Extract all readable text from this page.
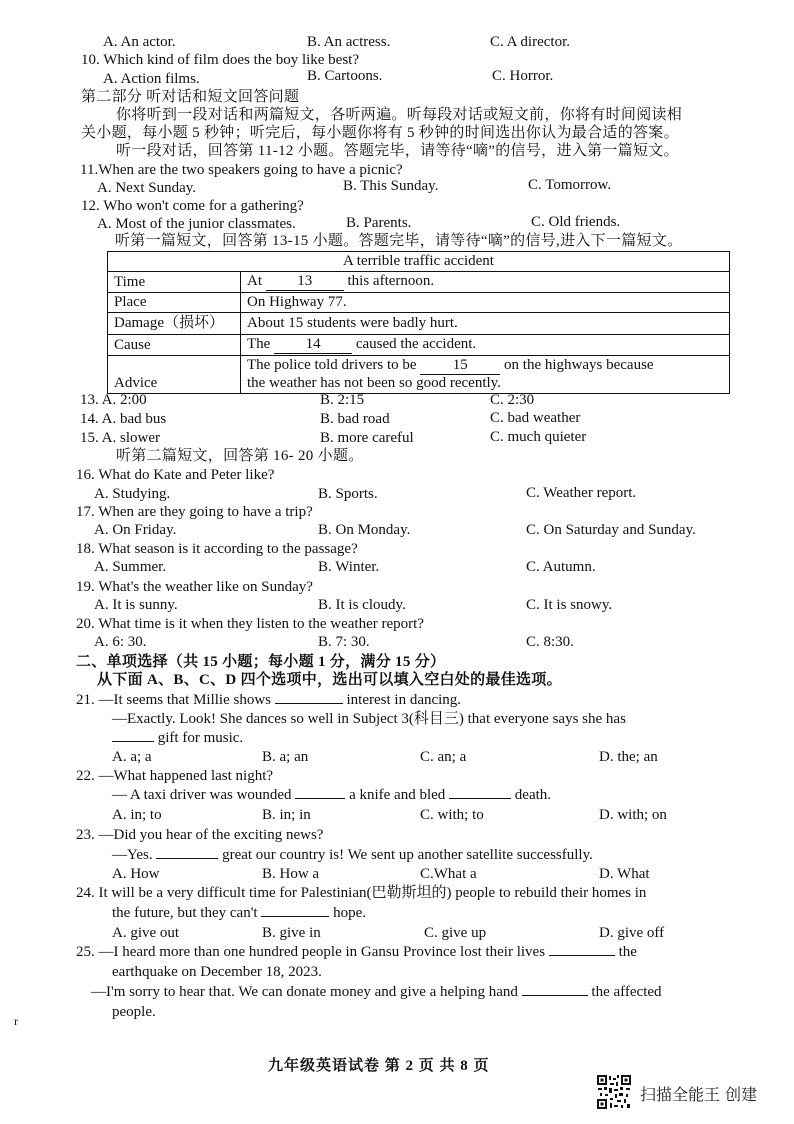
A. An actor.	B. An actress.	C. A director.
10. Which kind of film does the boy like best?
A. Action films.	B. Cartoons.	C. Horror.
第二部分 听对话和短文回答问题
你将听到一段对话和两篇短文，各听两遍。听每段对话或短文前，你将有时间阅读相
关小题，每小题 5 秒钟；听完后，每小题你将有 5 秒钟的时间选出你认为最合适的答案。
听一段对话，回答第 11-12 小题。答题完毕，请等待“嘀”的信号，进入第一篇短文。
11.When are the two speakers going to have a picnic?
A. Next Sunday.	B. This Sunday.	C. Tomorrow.
12. Who won't come for a gathering?
A. Most of the junior classmates.	B. Parents.	C. Old friends.
听第一篇短文，回答第 13-15 小题。答题完毕，请等待“嘀”的信号,进入下一篇短文。
A terrible traffic accident	
Time	At 13 this afternoon.
Place	On Highway 77.
Damage（损坏）	About 15 students were badly hurt.
Cause	The 14 caused the accident.
Advice	The police told drivers to be 15 on the highways because
the weather has not been so good recently.
13. A. 2:00	B. 2:15	C. 2:30
14. A. bad bus	B. bad road	C. bad weather
15. A. slower	B. more careful	C. much quieter
听第二篇短文，回答第 16- 20 小题。
16. What do Kate and Peter like?
A. Studying.	B. Sports.	C. Weather report.
17. When are they going to have a trip?
A. On Friday.	B. On Monday.	C. On Saturday and Sunday.
18. What season is it according to the passage?
A. Summer.	B. Winter.	C. Autumn.
19. What's the weather like on Sunday?
A. It is sunny.	B. It is cloudy.	C. It is snowy.
20. What time is it when they listen to the weather report?
A. 6: 30.	B. 7: 30.	C. 8:30.
二、单项选择（共 15 小题；每小题 1 分，满分 15 分）
从下面 A、B、C、D 四个选项中，选出可以填入空白处的最佳选项。
21. —It seems that Millie shows	interest in dancing.
—Exactly. Look! She dances so well in Subject 3(科目三) that everyone says she has
gift for music.
A. a; a	B. a; an	C. an; a	D. the; an
22. —What happened last night?
— A taxi driver was wounded	a knife and bled	death.
A. in; to	B. in; in	C. with; to	D. with; on
23. —Did you hear of the exciting news?
—Yes.	great our country is! We sent up another satellite successfully.
A. How	B. How a	C.What a	D. What
24. It will be a very difficult time for Palestinian(巴勒斯坦的) people to rebuild their homes in
the future, but they can't	hope.
A. give out	B. give in	C. give up	D. give off
25. —I heard more than one hundred people in Gansu Province lost their lives	the
earthquake on December 18, 2023.
—I'm sorry to hear that. We can donate money and give a helping hand	the affected
people.
r
九年级英语试卷 第 2 页 共 8 页
扫描全能王 创建
